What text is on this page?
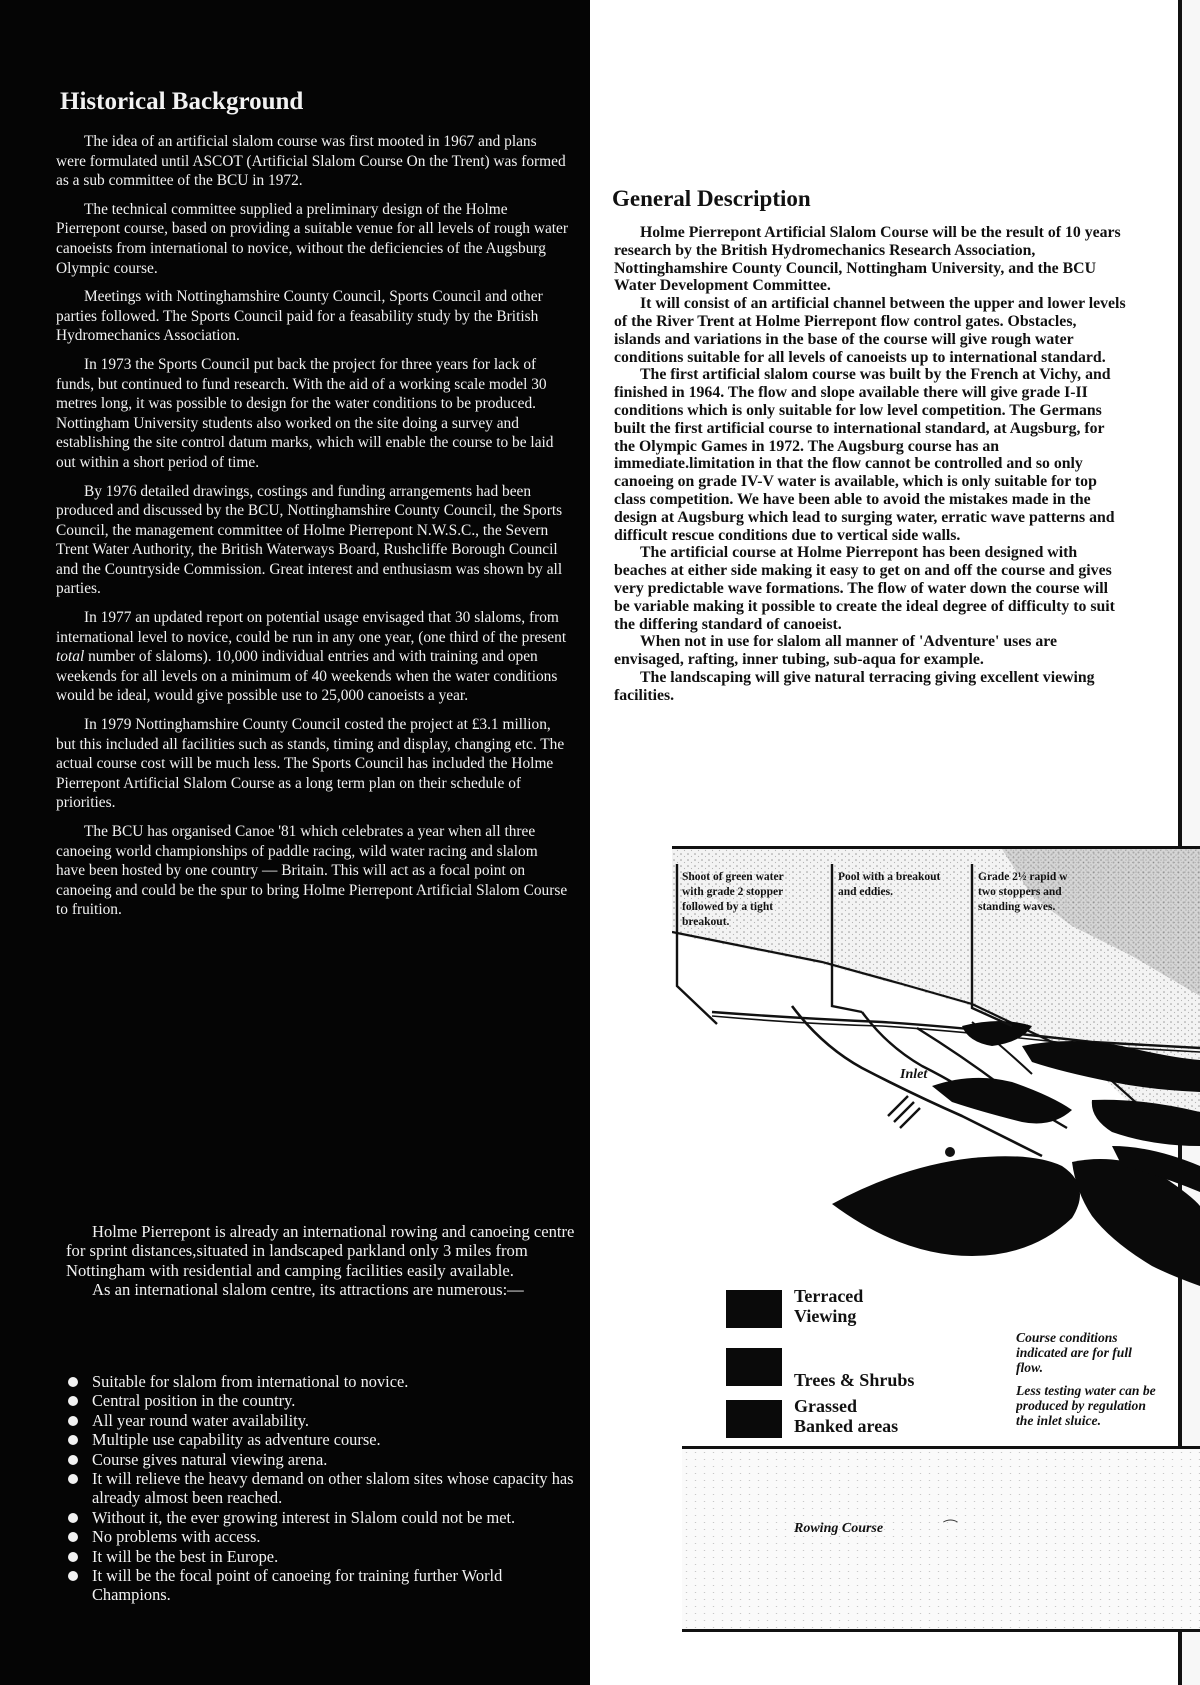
Historical Background

The idea of an artificial slalom course was first mooted in 1967 and plans were formulated until ASCOT (Artificial Slalom Course On the Trent) was formed as a sub committee of the BCU in 1972.

The technical committee supplied a preliminary design of the Holme Pierrepont course, based on providing a suitable venue for all levels of rough water canoeists from international to novice, without the deficiencies of the Augsburg Olympic course.

Meetings with Nottinghamshire County Council, Sports Council and other parties followed. The Sports Council paid for a feasability study by the British Hydromechanics Association.

In 1973 the Sports Council put back the project for three years for lack of funds, but continued to fund research. With the aid of a working scale model 30 metres long, it was possible to design for the water conditions to be produced. Nottingham University students also worked on the site doing a survey and establishing the site control datum marks, which will enable the course to be laid out within a short period of time.

By 1976 detailed drawings, costings and funding arrangements had been produced and discussed by the BCU, Nottinghamshire County Council, the Sports Council, the management committee of Holme Pierrepont N.W.S.C., the Severn Trent Water Authority, the British Waterways Board, Rushcliffe Borough Council and the Countryside Commission. Great interest and enthusiasm was shown by all parties.

In 1977 an updated report on potential usage envisaged that 30 slaloms, from international level to novice, could be run in any one year, (one third of the present total number of slaloms). 10,000 individual entries and with training and open weekends for all levels on a minimum of 40 weekends when the water conditions would be ideal, would give possible use to 25,000 canoeists a year.

In 1979 Nottinghamshire County Council costed the project at £3.1 million, but this included all facilities such as stands, timing and display, changing etc. The actual course cost will be much less. The Sports Council has included the Holme Pierrepont Artificial Slalom Course as a long term plan on their schedule of priorities.

The BCU has organised Canoe '81 which celebrates a year when all three canoeing world championships of paddle racing, wild water racing and slalom have been hosted by one country — Britain. This will act as a focal point on canoeing and could be the spur to bring Holme Pierrepont Artificial Slalom Course to fruition.

Holme Pierrepont is already an international rowing and canoeing centre for sprint distances,situated in landscaped parkland only 3 miles from Nottingham with residential and camping facilities easily available.

As an international slalom centre, its attractions are numerous:—

Suitable for slalom from international to novice.
Central position in the country.
All year round water availability.
Multiple use capability as adventure course.
Course gives natural viewing arena.
It will relieve the heavy demand on other slalom sites whose capacity has already almost been reached.
Without it, the ever growing interest in Slalom could not be met.
No problems with access.
It will be the best in Europe.
It will be the focal point of canoeing for training further World Champions.
General Description

Holme Pierrepont Artificial Slalom Course will be the result of 10 years research by the British Hydromechanics Research Association, Nottinghamshire County Council, Nottingham University, and the BCU Water Development Committee.

It will consist of an artificial channel between the upper and lower levels of the River Trent at Holme Pierrepont flow control gates. Obstacles, islands and variations in the base of the course will give rough water conditions suitable for all levels of canoeists up to international standard.

The first artificial slalom course was built by the French at Vichy, and finished in 1964. The flow and slope available there will give grade I-II conditions which is only suitable for low level competition. The Germans built the first artificial course to international standard, at Augsburg, for the Olympic Games in 1972. The Augsburg course has an immediate.limitation in that the flow cannot be controlled and so only canoeing on grade IV-V water is available, which is only suitable for top class competition. We have been able to avoid the mistakes made in the design at Augsburg which lead to surging water, erratic wave patterns and difficult rescue conditions due to vertical side walls.

The artificial course at Holme Pierrepont has been designed with beaches at either side making it easy to get on and off the course and gives very predictable wave formations. The flow of water down the course will be variable making it possible to create the ideal degree of difficulty to suit the differing standard of canoeist.

When not in use for slalom all manner of 'Adventure' uses are envisaged, rafting, inner tubing, sub-aqua for example.

The landscaping will give natural terracing giving excellent viewing facilities.

Shoot of green water with grade 2 stopper followed by a tight breakout.
Pool with a breakout and eddies.
Grade 2½ rapid w two stoppers and standing waves.
Inlet
Terraced
Viewing
Trees & Shrubs
Grassed
Banked areas

Course conditions
indicated are for full
flow.

Less testing water can be
produced by regulation
the inlet sluice.

Rowing Course	⁀
